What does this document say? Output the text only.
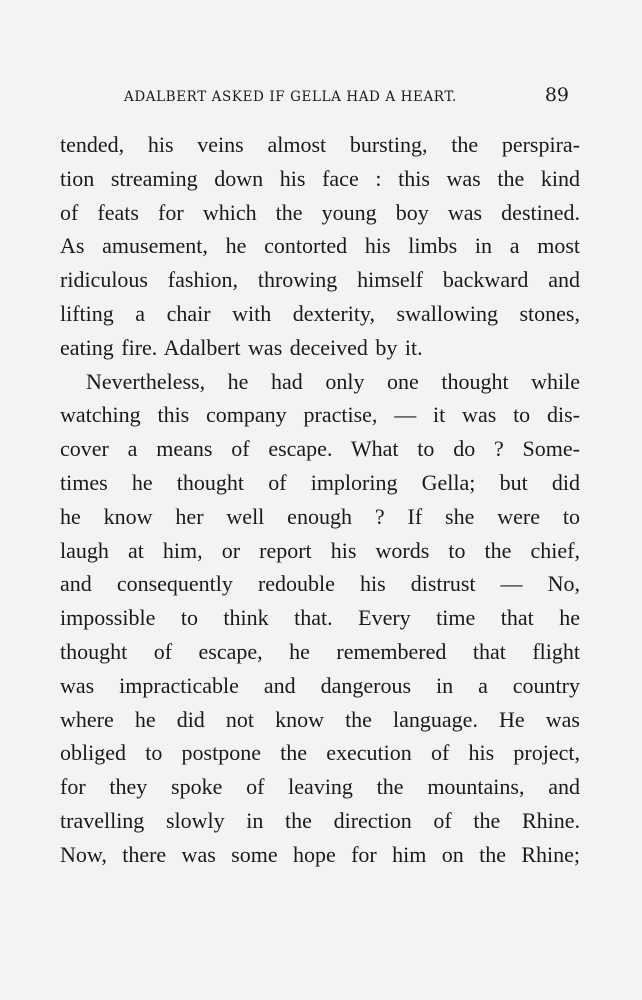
ADALBERT ASKED IF GELLA HAD A HEART.	89
tended, his veins almost bursting, the perspira-
tion streaming down his face : this was the kind
of feats for which the young boy was destined.
As amusement, he contorted his limbs in a most
ridiculous fashion, throwing himself backward and
lifting a chair with dexterity, swallowing stones,
eating fire. Adalbert was deceived by it.
Nevertheless, he had only one thought while
watching this company practise, — it was to dis-
cover a means of escape. What to do ? Some-
times he thought of imploring Gella; but did
he know her well enough ? If she were to
laugh at him, or report his words to the chief,
and consequently redouble his distrust — No,
impossible to think that. Every time that he
thought of escape, he remembered that flight
was impracticable and dangerous in a country
where he did not know the language. He was
obliged to postpone the execution of his project,
for they spoke of leaving the mountains, and
travelling slowly in the direction of the Rhine.
Now, there was some hope for him on the Rhine;
